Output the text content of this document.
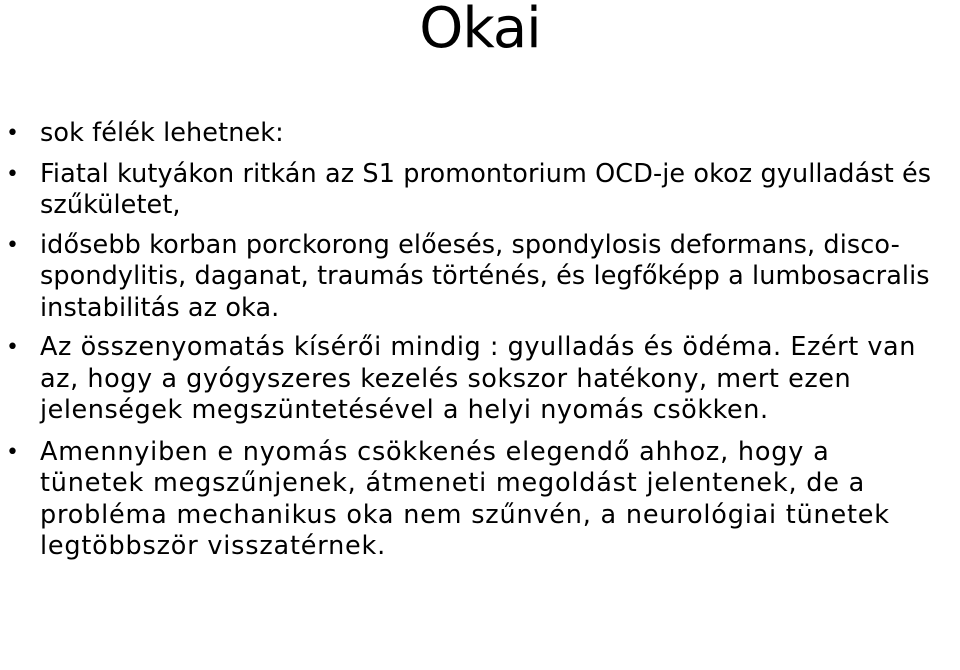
Okai
• sok félék lehetnek:
• Fiatal kutyákon ritkán az S1 promontorium OCD-je okoz gyulladást és szűkületet,
• idősebb korban porckorong előesés, spondylosis deformans, disco-spondylitis, daganat, traumás történés, és legfőképp a lumbosacralis instabilitás az oka.
• Az összenyomatás kísérői mindig : gyulladás és ödéma. Ezért van az, hogy a gyógyszeres kezelés sokszor hatékony, mert ezen jelenségek megszüntetésével a helyi nyomás csökken.
• Amennyiben e nyomás csökkenés elegendő ahhoz, hogy a tünetek megszűnjenek, átmeneti megoldást jelentenek, de a probléma mechanikus oka nem szűnvén, a neurológiai tünetek legtöbbször visszatérnek.
